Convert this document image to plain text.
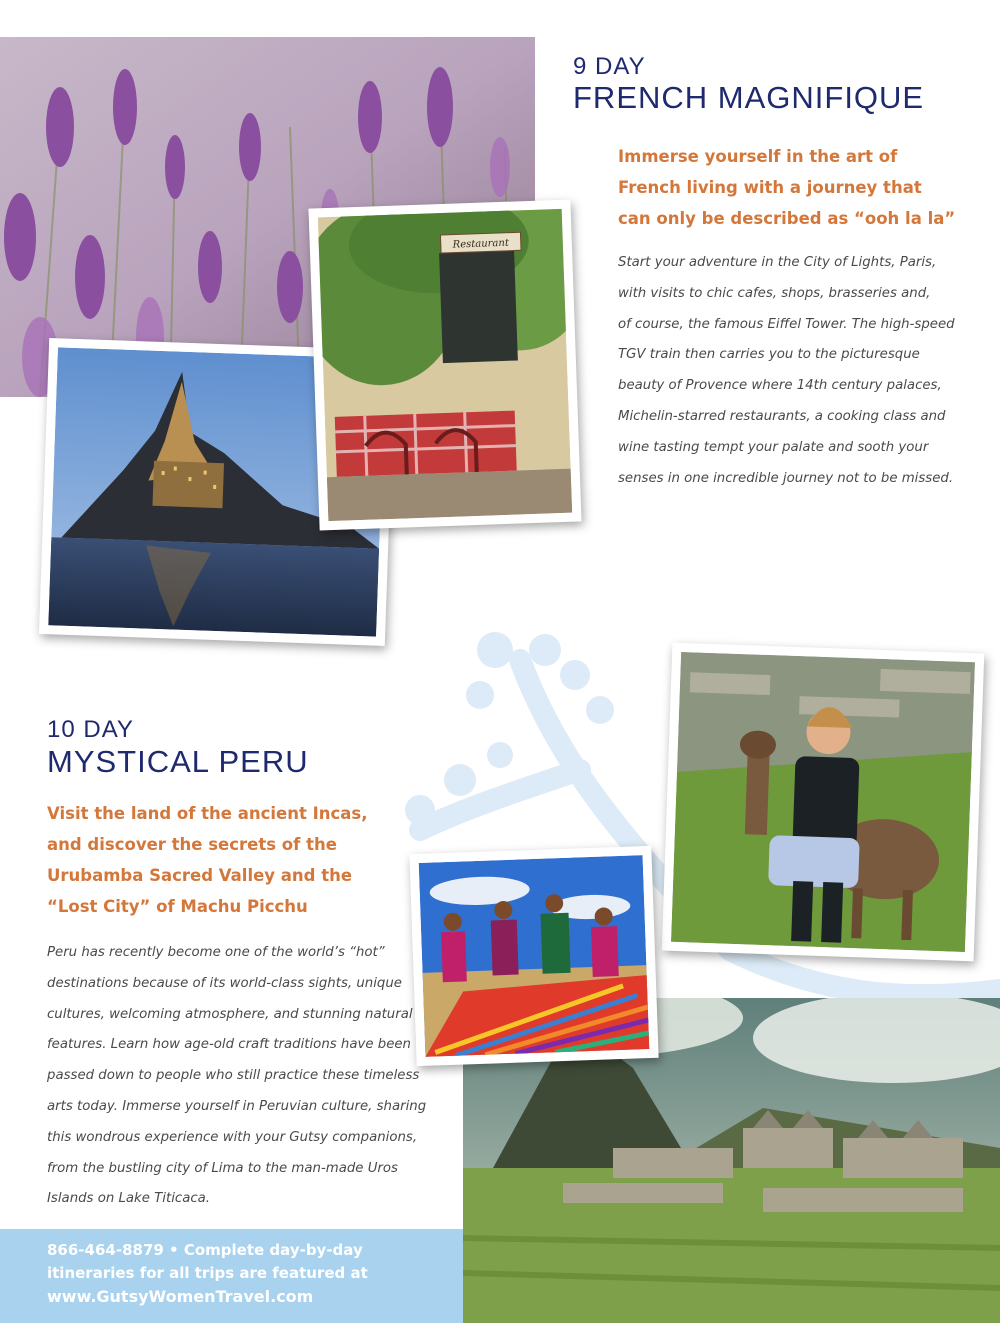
Restaurant
9 DAY
FRENCH MAGNIFIQUE
Immerse yourself in the art of
French living with a journey that
can only be described as “ooh la la”
Start your adventure in the City of Lights, Paris,
with visits to chic cafes, shops, brasseries and,
of course, the famous Eiffel Tower. The high-speed
TGV train then carries you to the picturesque
beauty of Provence where 14th century palaces,
Michelin-starred restaurants, a cooking class and
wine tasting tempt your palate and sooth your
senses in one incredible journey not to be missed.
10 DAY
MYSTICAL PERU
Visit the land of the ancient Incas,
and discover the secrets of the
Urubamba Sacred Valley and the
“Lost City” of Machu Picchu
Peru has recently become one of the world’s “hot”
destinations because of its world-class sights, unique
cultures, welcoming atmosphere, and stunning natural
features. Learn how age-old craft traditions have been
passed down to people who still practice these timeless
arts today. Immerse yourself in Peruvian culture, sharing
this wondrous experience with your Gutsy companions,
from the bustling city of Lima to the man-made Uros
Islands on Lake Titicaca.
866-464-8879 • Complete day-by-day
itineraries for all trips are featured at
www.GutsyWomenTravel.com
